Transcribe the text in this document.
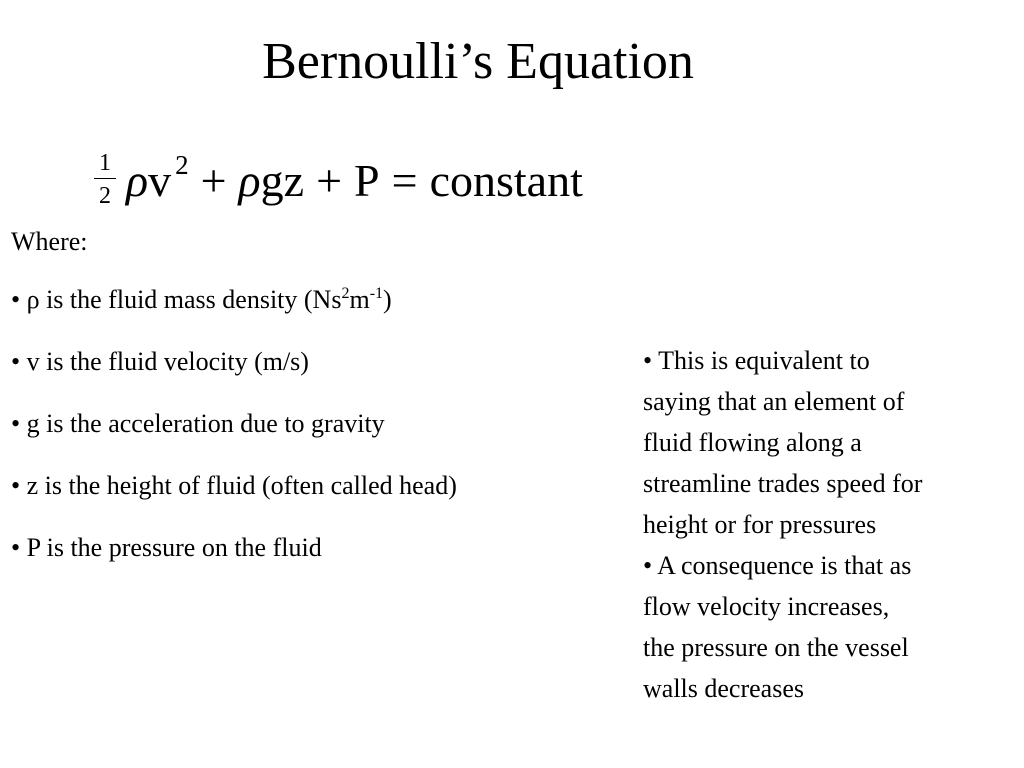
Bernoulli’s Equation
$\frac{1}{2}$ ρv $^2$ + ρgz + P = constant
Where:
• ρ is the fluid mass density $(Ns^2m^{-1})$
• v is the fluid velocity (m/s)
• g is the acceleration due to gravity
• z is the height of fluid (often called head)
• P is the pressure on the fluid
• This is equivalent to
saying that an element of
fluid flowing along a
streamline trades speed for
height or for pressures
• A consequence is that as
flow velocity increases,
the pressure on the vessel
walls decreases
